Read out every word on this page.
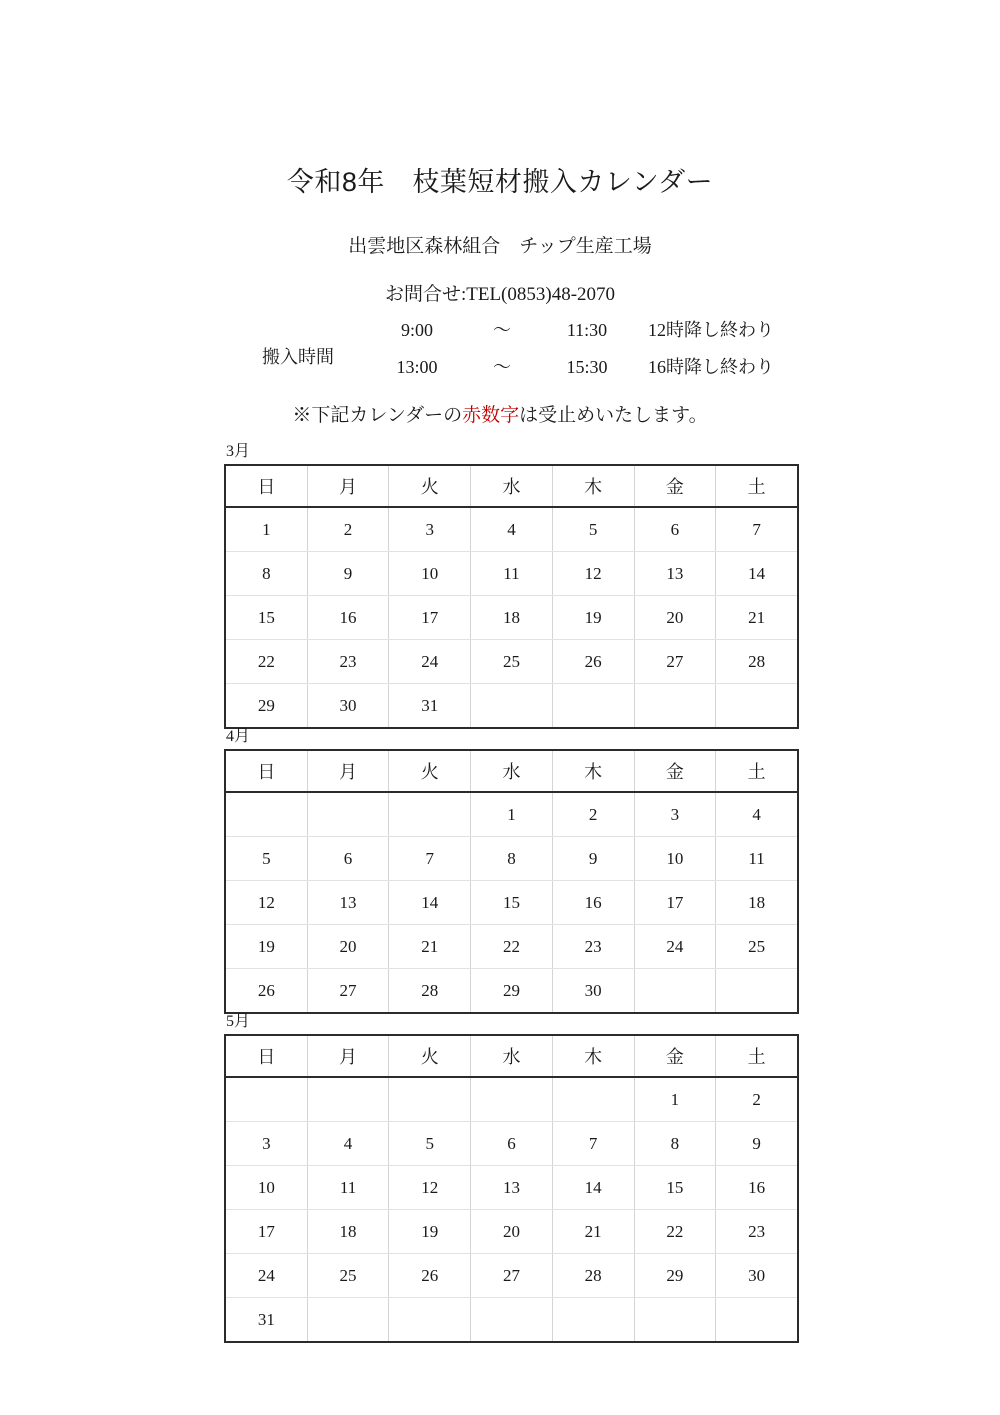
令和8年　枝葉短材搬入カレンダー
出雲地区森林組合　チップ生産工場
お問合せ:TEL(0853)48-2070
搬入時間
9:00	〜	11:30	12時降し終わり
13:00	〜	15:30	16時降し終わり
※下記カレンダーの赤数字は受止めいたします。
3月
日	月	火	水	木	金	土
1	2	3	4	5	6	7
8	9	10	11	12	13	14
15	16	17	18	19	20	21
22	23	24	25	26	27	28
29	30	31				
4月
日	月	火	水	木	金	土
			1	2	3	4
5	6	7	8	9	10	11
12	13	14	15	16	17	18
19	20	21	22	23	24	25
26	27	28	29	30		
5月
日	月	火	水	木	金	土
					1	2
3	4	5	6	7	8	9
10	11	12	13	14	15	16
17	18	19	20	21	22	23
24	25	26	27	28	29	30
31						
